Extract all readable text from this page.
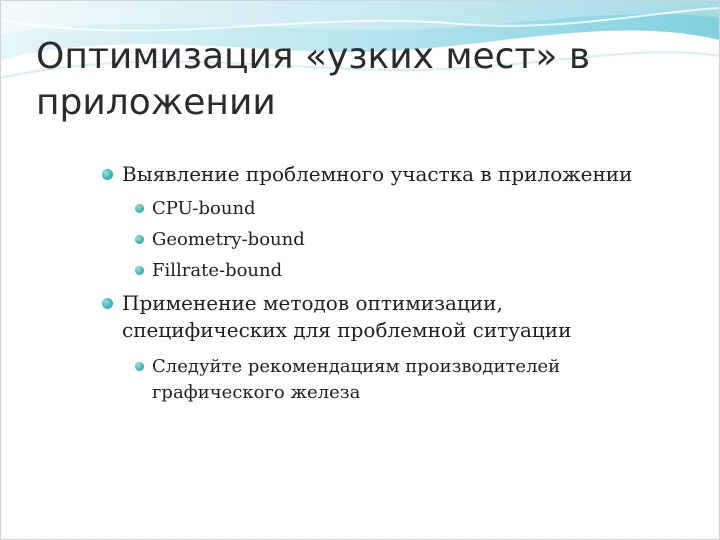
Оптимизация «узких мест» в приложении
Выявление проблемного участка в приложении
CPU-bound
Geometry-bound
Fillrate-bound
Применение методов оптимизации,
специфических для проблемной ситуации
Следуйте рекомендациям производителей
графического железа
